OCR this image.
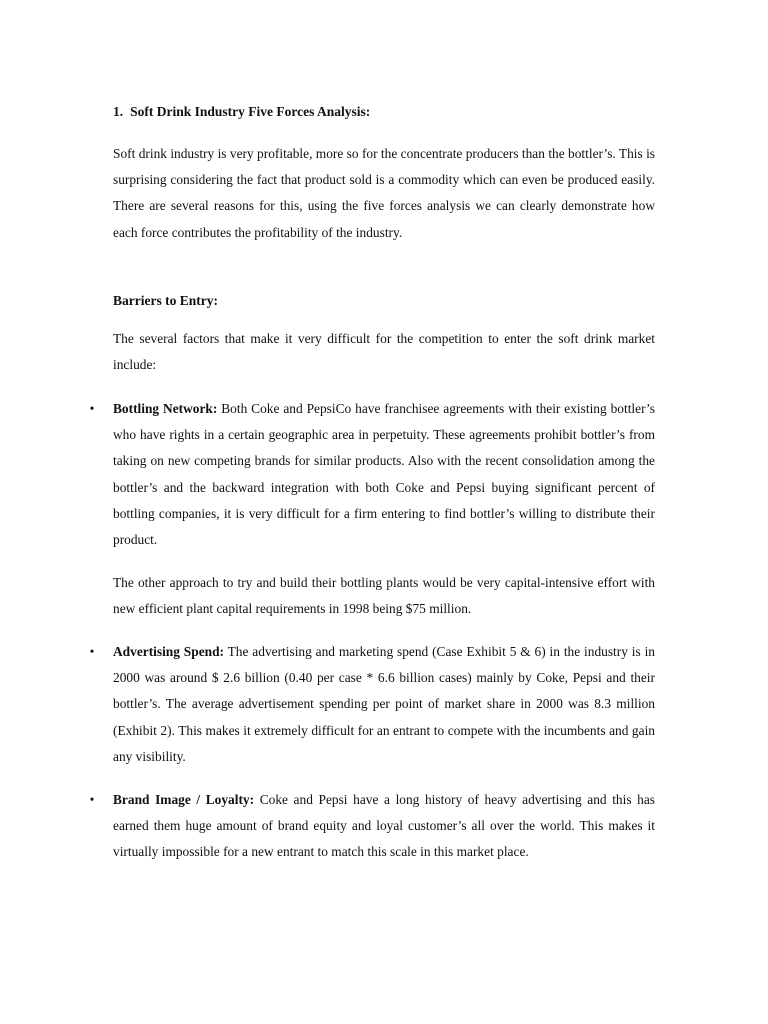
1. Soft Drink Industry Five Forces Analysis:

Soft drink industry is very profitable, more so for the concentrate producers than the bottler’s. This is surprising considering the fact that product sold is a commodity which can even be produced easily. There are several reasons for this, using the five forces analysis we can clearly demonstrate how each force contributes the profitability of the industry.

Barriers to Entry:

The several factors that make it very difficult for the competition to enter the soft drink market include:

• Bottling Network: Both Coke and PepsiCo have franchisee agreements with their existing bottler’s who have rights in a certain geographic area in perpetuity. These agreements prohibit bottler’s from taking on new competing brands for similar products. Also with the recent consolidation among the bottler’s and the backward integration with both Coke and Pepsi buying significant percent of bottling companies, it is very difficult for a firm entering to find bottler’s willing to distribute their product.

The other approach to try and build their bottling plants would be very capital-intensive effort with new efficient plant capital requirements in 1998 being $75 million.

• Advertising Spend: The advertising and marketing spend (Case Exhibit 5 & 6) in the industry is in 2000 was around $ 2.6 billion (0.40 per case * 6.6 billion cases) mainly by Coke, Pepsi and their bottler’s. The average advertisement spending per point of market share in 2000 was 8.3 million (Exhibit 2). This makes it extremely difficult for an entrant to compete with the incumbents and gain any visibility.

• Brand Image / Loyalty: Coke and Pepsi have a long history of heavy advertising and this has earned them huge amount of brand equity and loyal customer’s all over the world. This makes it virtually impossible for a new entrant to match this scale in this market place.
